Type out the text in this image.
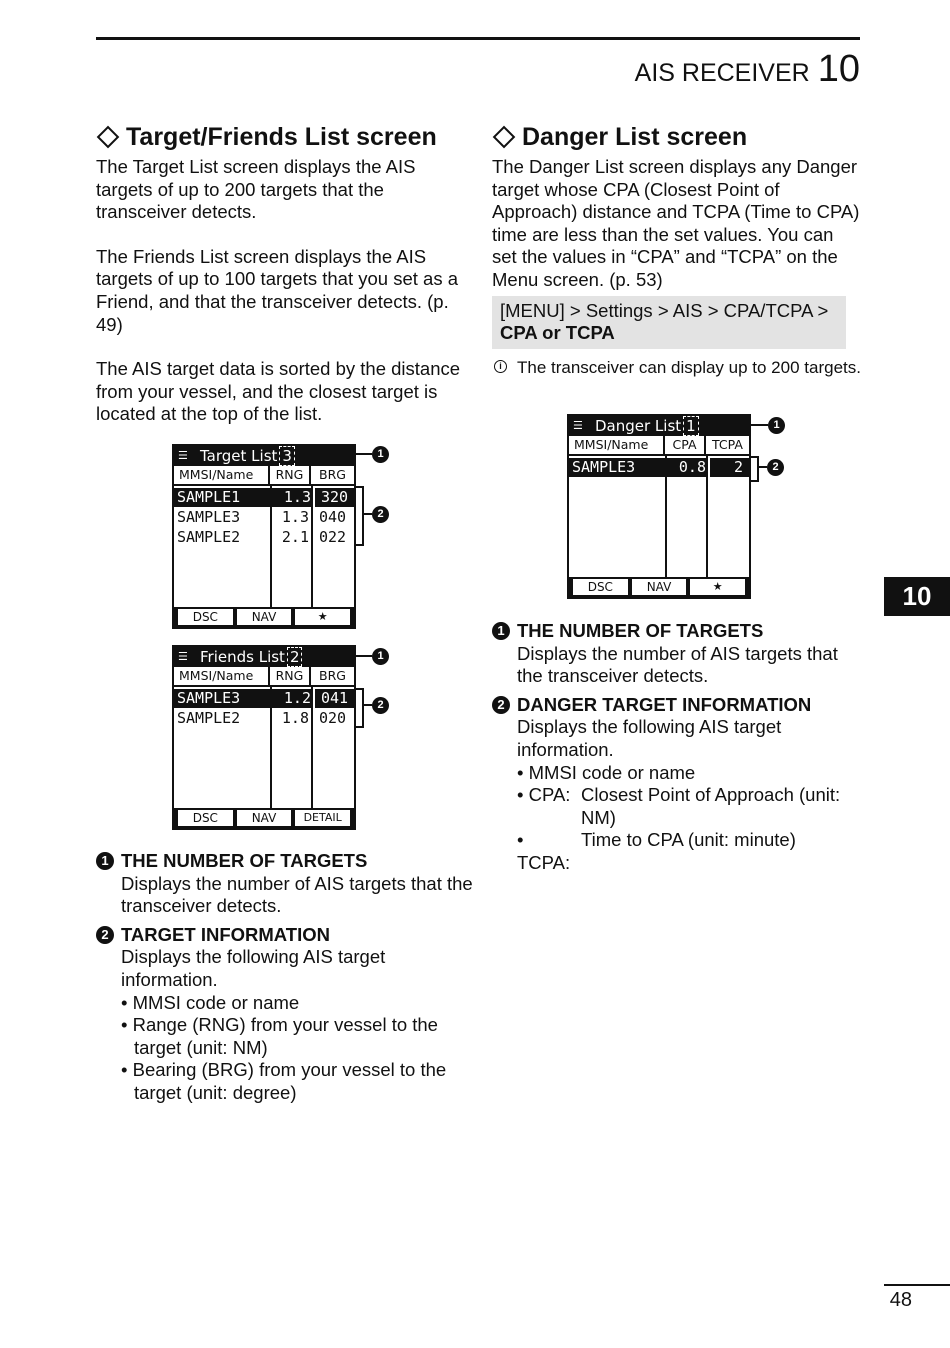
AIS RECEIVER 10
Target/Friends List screen

The Target List screen displays the AIS targets of up to 200 targets that the transceiver detects.

The Friends List screen displays the AIS targets of up to 100 targets that you set as a Friend, and that the transceiver detects. (p. 49)

The AIS target data is sorted by the distance from your vessel, and the closest target is located at the top of the list.

☰ Target List 3
MMSI/Name	RNG	BRG
SAMPLE1	1.3 320
SAMPLE3	1.3 040
SAMPLE2	2.1 022
DSC	NAV	★
1
2
☰ Friends List 2
MMSI/Name	RNG	BRG
SAMPLE3	1.2 041
SAMPLE2	1.8 020
DSC	NAV	DETAIL
1
2
1 THE NUMBER OF TARGETS
Displays the number of AIS targets that the transceiver detects.
2 TARGET INFORMATION
Displays the following AIS target information.
• MMSI code or name
• Range (RNG) from your vessel to the target (unit: NM)
• Bearing (BRG) from your vessel to the target (unit: degree)
Danger List screen

The Danger List screen displays any Danger target whose CPA (Closest Point of Approach) distance and TCPA (Time to CPA) time are less than the set values. You can set the values in “CPA” and “TCPA” on the Menu screen. (p. 53)

[MENU] > Settings > AIS > CPA/TCPA >
CPA or TCPA
i The transceiver can display up to 200 targets.
☰ Danger List 1
MMSI/Name	CPA	TCPA
SAMPLE3	0.8	2
DSC	NAV	★
1
2
1 THE NUMBER OF TARGETS
Displays the number of AIS targets that the transceiver detects.
2 DANGER TARGET INFORMATION
Displays the following AIS target information.
• MMSI code or name
• CPA: Closest Point of Approach (unit: NM)
• TCPA:
Time to CPA (unit: minute)
10
48
